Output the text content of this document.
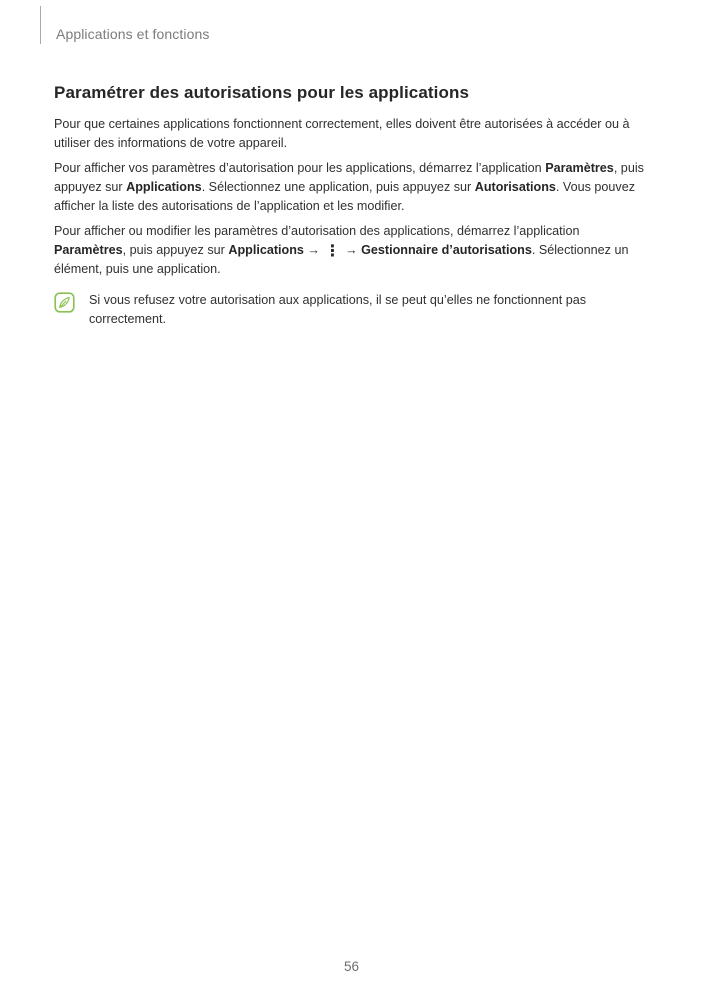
Applications et fonctions
Paramétrer des autorisations pour les applications

Pour que certaines applications fonctionnent correctement, elles doivent être autorisées à accéder ou à utiliser des informations de votre appareil.

Pour afficher vos paramètres d’autorisation pour les applications, démarrez l’application Paramètres, puis appuyez sur Applications. Sélectionnez une application, puis appuyez sur Autorisations. Vous pouvez afficher la liste des autorisations de l’application et les modifier.

Pour afficher ou modifier les paramètres d’autorisation des applications, démarrez l’application Paramètres, puis appuyez sur Applications → ⋮ → Gestionnaire d’autorisations. Sélectionnez un élément, puis une application.

Si vous refusez votre autorisation aux applications, il se peut qu’elles ne fonctionnent pas correctement.

56
